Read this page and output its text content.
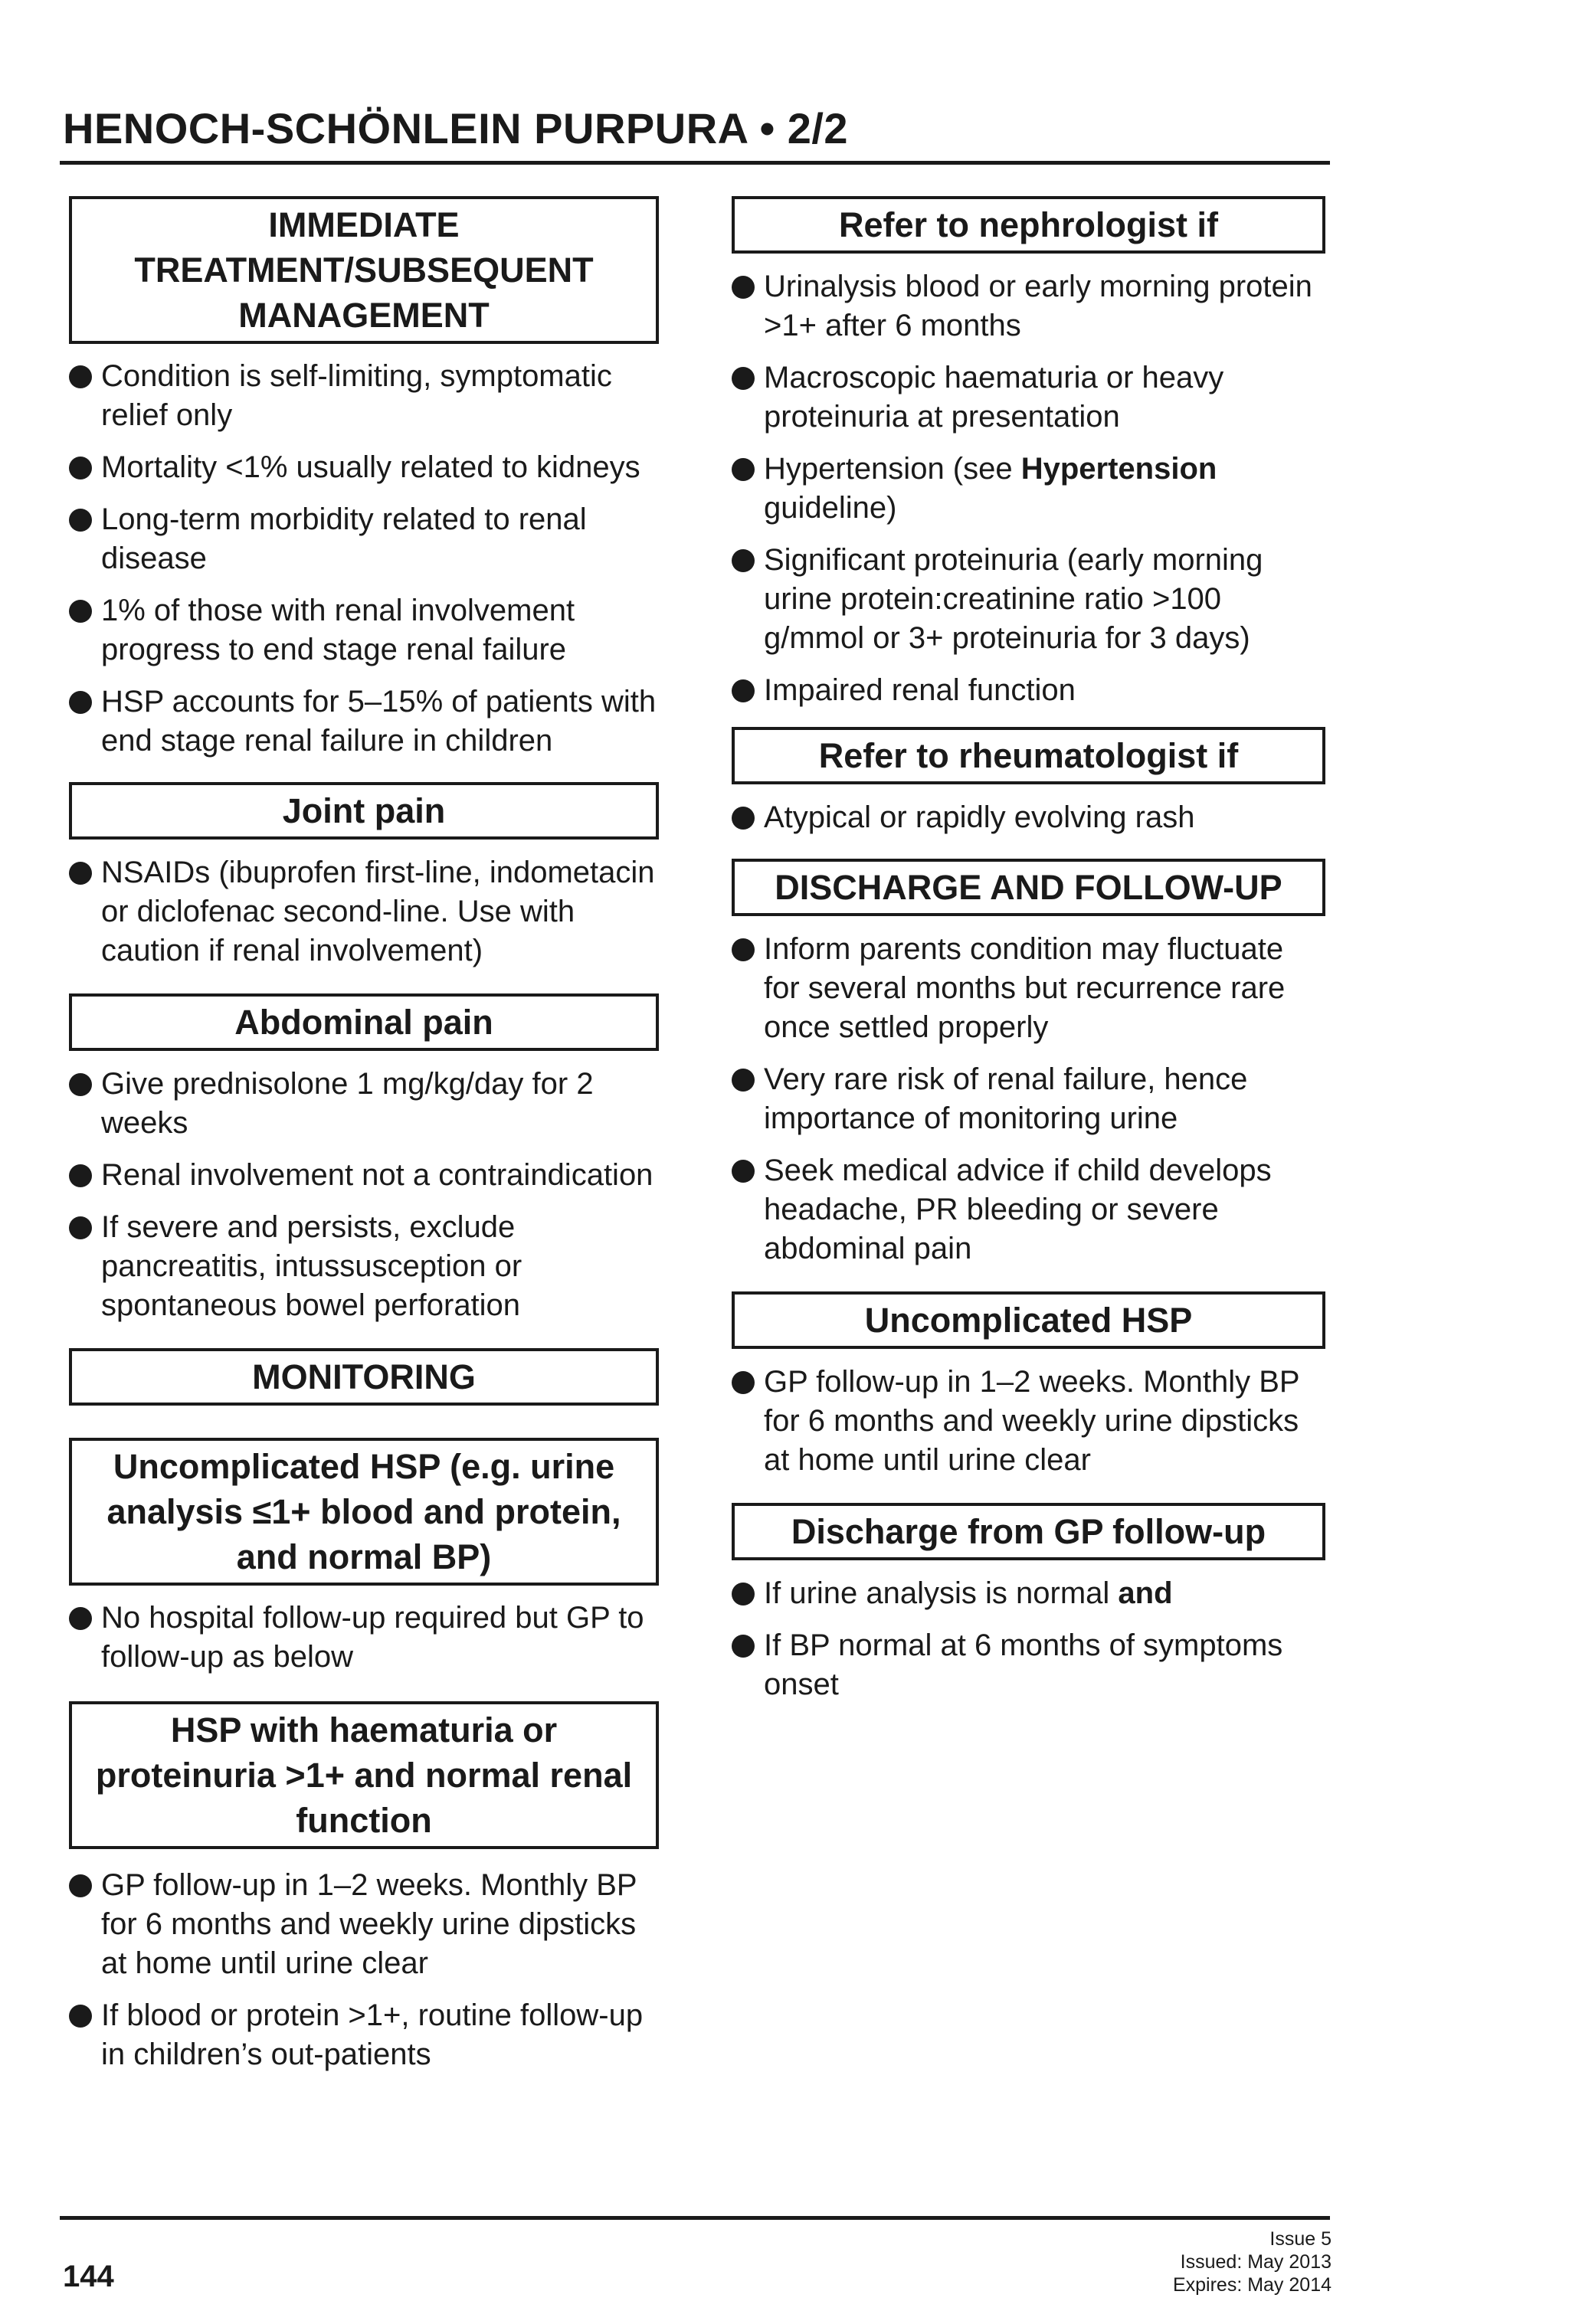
HENOCH-SCHÖNLEIN PURPURA • 2/2
IMMEDIATE TREATMENT/SUBSEQUENT MANAGEMENT
Condition is self-limiting, symptomatic relief only
Mortality <1% usually related to kidneys
Long-term morbidity related to renal disease
1% of those with renal involvement progress to end stage renal failure
HSP accounts for 5–15% of patients with end stage renal failure in children
Joint pain
NSAIDs (ibuprofen first-line, indometacin or diclofenac second-line. Use with caution if renal involvement)
Abdominal pain
Give prednisolone 1 mg/kg/day for 2 weeks
Renal involvement not a contraindication
If severe and persists, exclude pancreatitis, intussusception or spontaneous bowel perforation
MONITORING
Uncomplicated HSP (e.g. urine analysis ≤1+ blood and protein, and normal BP)
No hospital follow-up required but GP to follow-up as below
HSP with haematuria or proteinuria >1+ and normal renal function
GP follow-up in 1–2 weeks. Monthly BP for 6 months and weekly urine dipsticks at home until urine clear
If blood or protein >1+, routine follow-up in children’s out-patients
Refer to nephrologist if
Urinalysis blood or early morning protein >1+ after 6 months
Macroscopic haematuria or heavy proteinuria at presentation
Hypertension (see Hypertension guideline)
Significant proteinuria (early morning urine protein:creatinine ratio >100 g/mmol or 3+ proteinuria for 3 days)
Impaired renal function
Refer to rheumatologist if
Atypical or rapidly evolving rash
DISCHARGE AND FOLLOW-UP
Inform parents condition may fluctuate for several months but recurrence rare once settled properly
Very rare risk of renal failure, hence importance of monitoring urine
Seek medical advice if child develops headache, PR bleeding or severe abdominal pain
Uncomplicated HSP
GP follow-up in 1–2 weeks. Monthly BP for 6 months and weekly urine dipsticks at home until urine clear
Discharge from GP follow-up
If urine analysis is normal and
If BP normal at 6 months of symptoms onset
144
Issue 5
Issued: May 2013
Expires: May 2014
